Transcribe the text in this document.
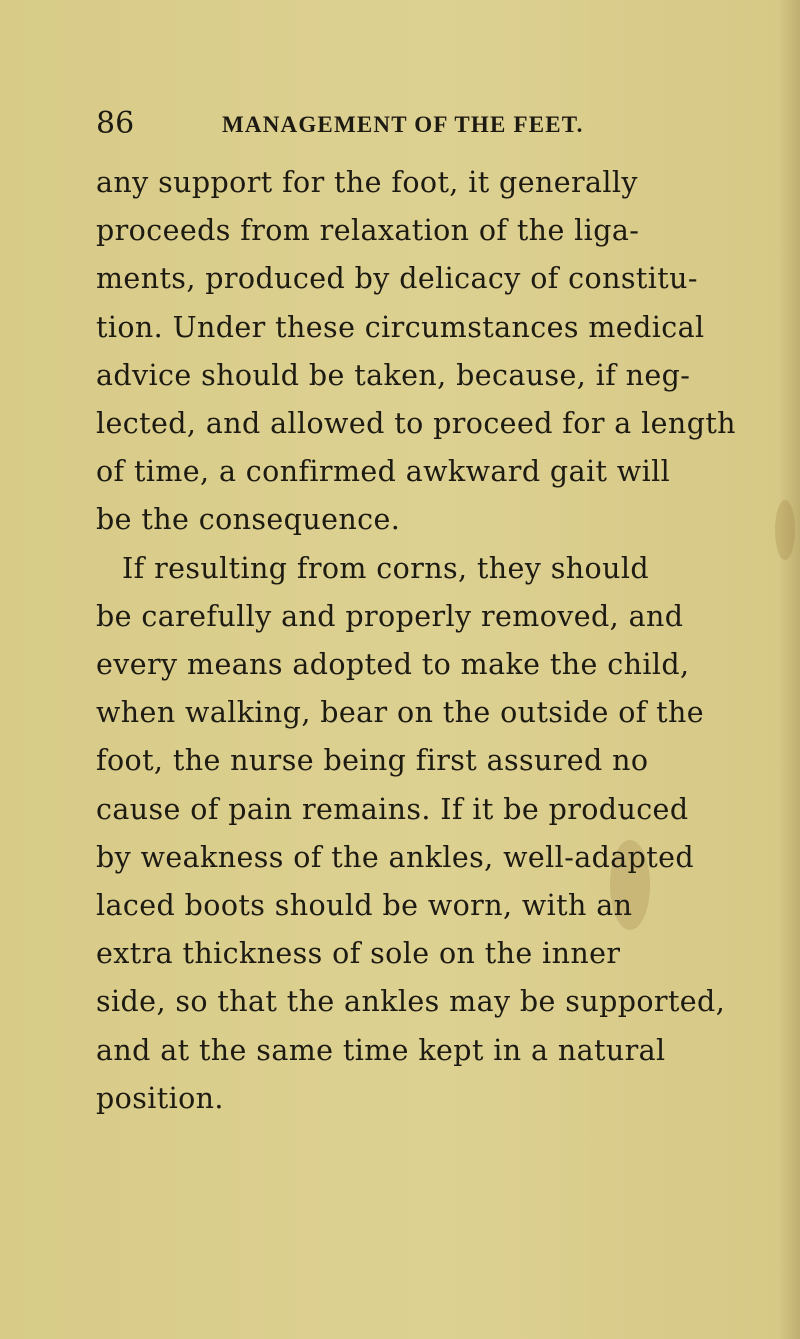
86	MANAGEMENT OF THE FEET.
any support for the foot, it generally
proceeds from relaxation of the liga-
ments, produced by delicacy of constitu-
tion. Under these circumstances medical
advice should be taken, because, if neg-
lected, and allowed to proceed for a length
of time, a confirmed awkward gait will
be the consequence.
If resulting from corns, they should
be carefully and properly removed, and
every means adopted to make the child,
when walking, bear on the outside of the
foot, the nurse being first assured no
cause of pain remains. If it be produced
by weakness of the ankles, well-adapted
laced boots should be worn, with an
extra thickness of sole on the inner
side, so that the ankles may be supported,
and at the same time kept in a natural
position.
